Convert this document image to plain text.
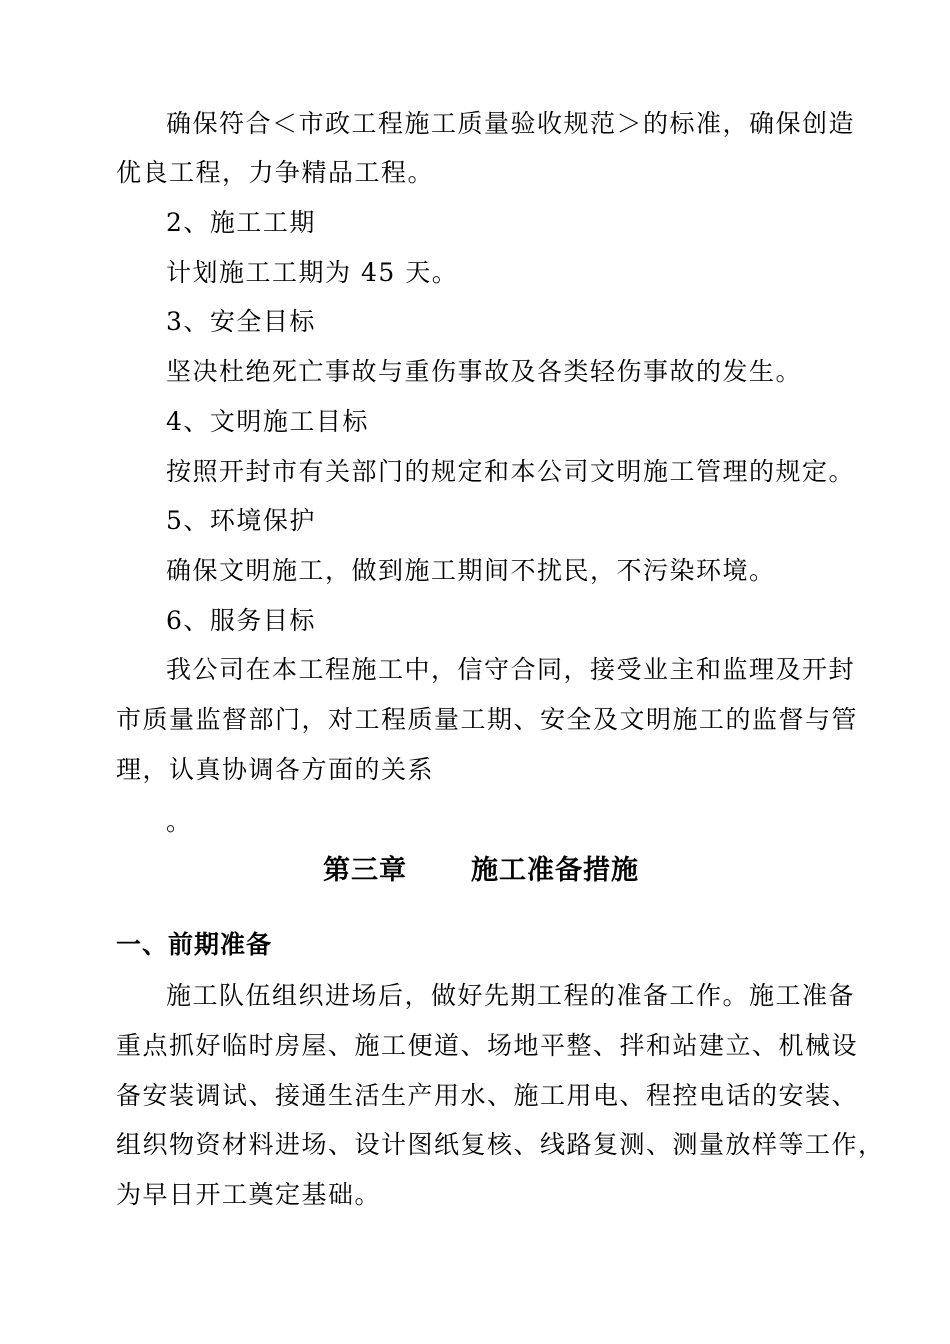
确保符合＜市政工程施工质量验收规范＞的标准，确保创造
优良工程，力争精品工程。
2、施工工期
计划施工工期为 45 天。
3、安全目标
坚决杜绝死亡事故与重伤事故及各类轻伤事故的发生。
4、文明施工目标
按照开封市有关部门的规定和本公司文明施工管理的规定。
5、环境保护
确保文明施工，做到施工期间不扰民，不污染环境。
6、服务目标
我公司在本工程施工中，信守合同，接受业主和监理及开封
市质量监督部门，对工程质量工期、安全及文明施工的监督与管
理，认真协调各方面的关系
。
第三章 施工准备措施
一、前期准备
施工队伍组织进场后，做好先期工程的准备工作。施工准备
重点抓好临时房屋、施工便道、场地平整、拌和站建立、机械设
备安装调试、接通生活生产用水、施工用电、程控电话的安装、
组织物资材料进场、设计图纸复核、线路复测、测量放样等工作，
为早日开工奠定基础。
